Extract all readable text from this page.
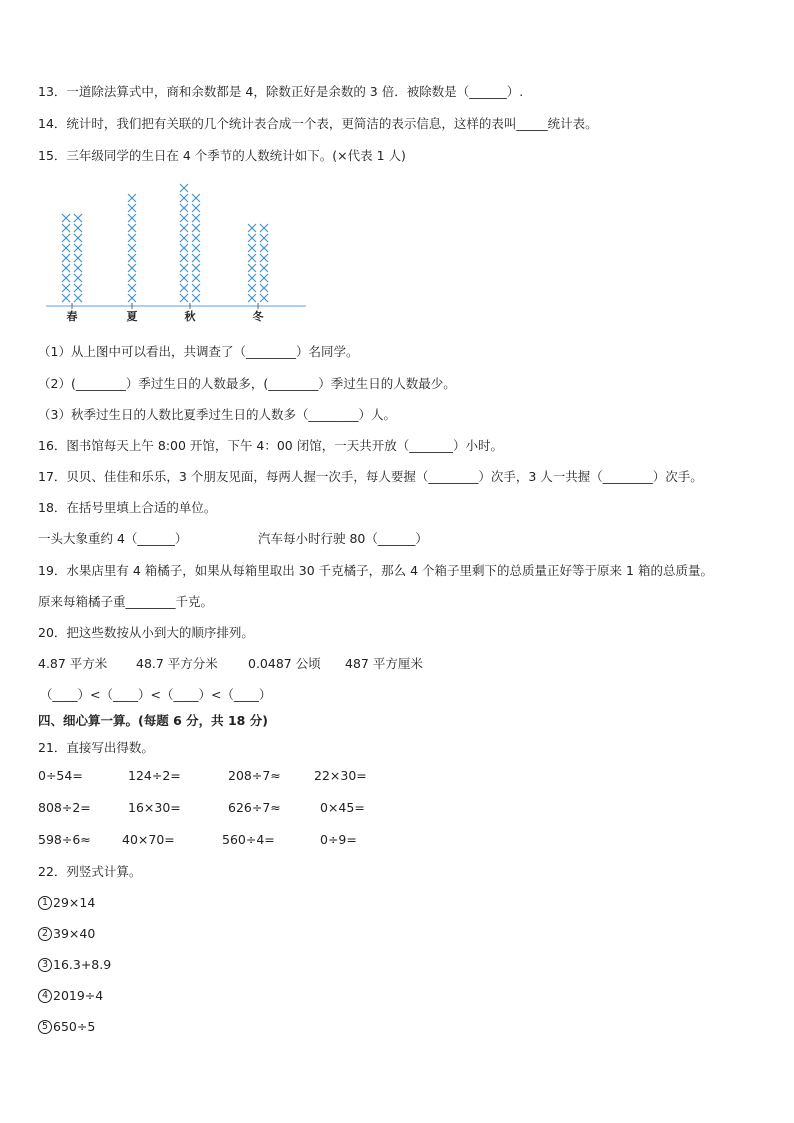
13．一道除法算式中，商和余数都是 4，除数正好是余数的 3 倍．被除数是（______）.
14．统计时，我们把有关联的几个统计表合成一个表，更简洁的表示信息，这样的表叫_____统计表。
15．三年级同学的生日在 4 个季节的人数统计如下。(×代表 1 人)
春	夏	秋	冬
（1）从上图中可以看出，共调查了（________）名同学。
（2）(________）季过生日的人数最多，(________）季过生日的人数最少。
（3）秋季过生日的人数比夏季过生日的人数多（________）人。
16．图书馆每天上午 8:00 开馆，下午 4：00 闭馆，一天共开放（_______）小时。
17．贝贝、佳佳和乐乐，3 个朋友见面，每两人握一次手，每人要握（________）次手，3 人一共握（________）次手。
18．在括号里填上合适的单位。
一头大象重约 4（______）	汽车每小时行驶 80（______）
19．水果店里有 4 箱橘子，如果从每箱里取出 30 千克橘子，那么 4 个箱子里剩下的总质量正好等于原来 1 箱的总质量。
原来每箱橘子重________千克。
20．把这些数按从小到大的顺序排列。
4.87 平方米 48.7 平方分米 0.0487 公顷 487 平方厘米
（____）<（____）<（____）<（____）
四、细心算一算。(每题 6 分，共 18 分)
21．直接写出得数。
0÷54=	124÷2=	208÷7≈	22×30=
808÷2=	16×30=	626÷7≈	0×45=
598÷6≈ 40×70=	560÷4=	0÷9=
22．列竖式计算。
1 29×14
2 39×40
3 16.3+8.9
4 2019÷4
5 650÷5
